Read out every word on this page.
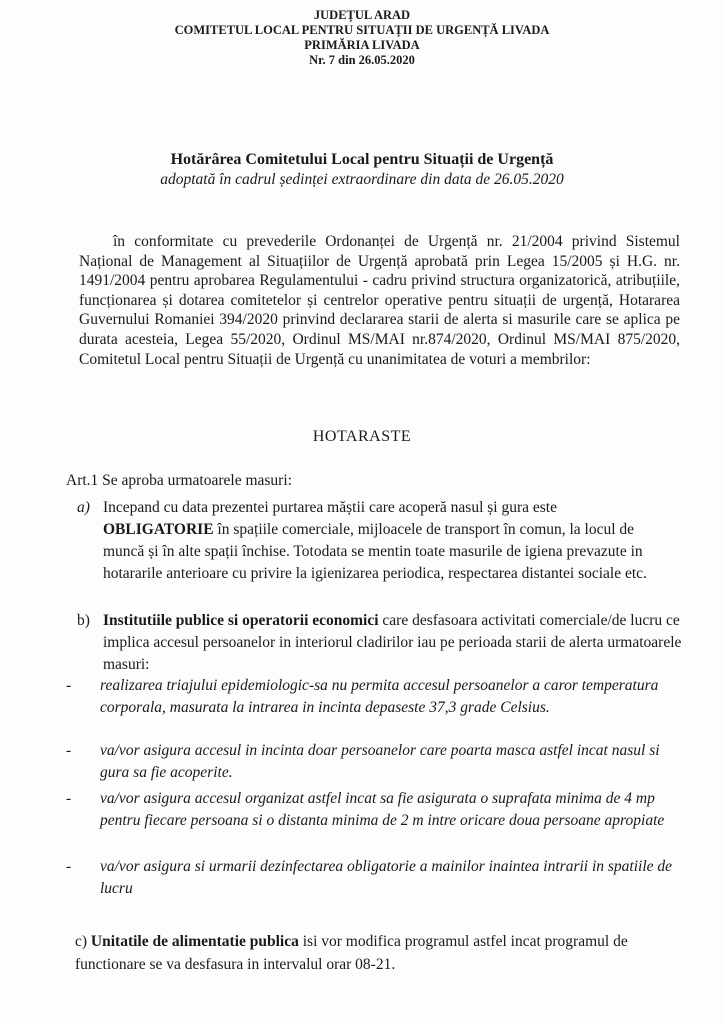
JUDEȚUL ARAD
COMITETUL LOCAL PENTRU SITUAȚII DE URGENȚĂ LIVADA
PRIMĂRIA LIVADA
Nr. 7 din 26.05.2020
Hotărârea Comitetului Local pentru Situații de Urgență
adoptată în cadrul ședinței extraordinare din data de 26.05.2020
în conformitate cu prevederile Ordonanței de Urgență nr. 21/2004 privind Sistemul Național de Management al Situațiilor de Urgență aprobată prin Legea 15/2005 și H.G. nr. 1491/2004 pentru aprobarea Regulamentului - cadru privind structura organizatorică, atribuțiile, funcționarea și dotarea comitetelor și centrelor operative pentru situații de urgență, Hotararea Guvernului Romaniei 394/2020 prinvind declararea starii de alerta si masurile care se aplica pe durata acesteia, Legea 55/2020, Ordinul MS/MAI nr.874/2020, Ordinul MS/MAI 875/2020, Comitetul Local pentru Situații de Urgență cu unanimitatea de voturi a membrilor:
HOTARASTE
Art.1 Se aproba urmatoarele masuri:
a) Incepand cu data prezentei purtarea măștii care acoperă nasul și gura este
OBLIGATORIE în spațiile comerciale, mijloacele de transport în comun, la locul de muncă și în alte spații închise. Totodata se mentin toate masurile de igiena prevazute in hotararile anterioare cu privire la igienizarea periodica, respectarea distantei sociale etc.
b) Institutiile publice si operatorii economici care desfasoara activitati comerciale/de lucru ce implica accesul persoanelor in interiorul cladirilor iau pe perioada starii de alerta urmatoarele masuri:
- realizarea triajului epidemiologic-sa nu permita accesul persoanelor a caror temperatura corporala, masurata la intrarea in incinta depaseste 37,3 grade Celsius.
- va/vor asigura accesul in incinta doar persoanelor care poarta masca astfel incat nasul si gura sa fie acoperite.
- va/vor asigura accesul organizat astfel incat sa fie asigurata o suprafata minima de 4 mp pentru fiecare persoana si o distanta minima de 2 m intre oricare doua persoane apropiate
- va/vor asigura si urmarii dezinfectarea obligatorie a mainilor inaintea intrarii in spatiile de lucru
c) Unitatile de alimentatie publica isi vor modifica programul astfel incat programul de functionare se va desfasura in intervalul orar 08-21.
